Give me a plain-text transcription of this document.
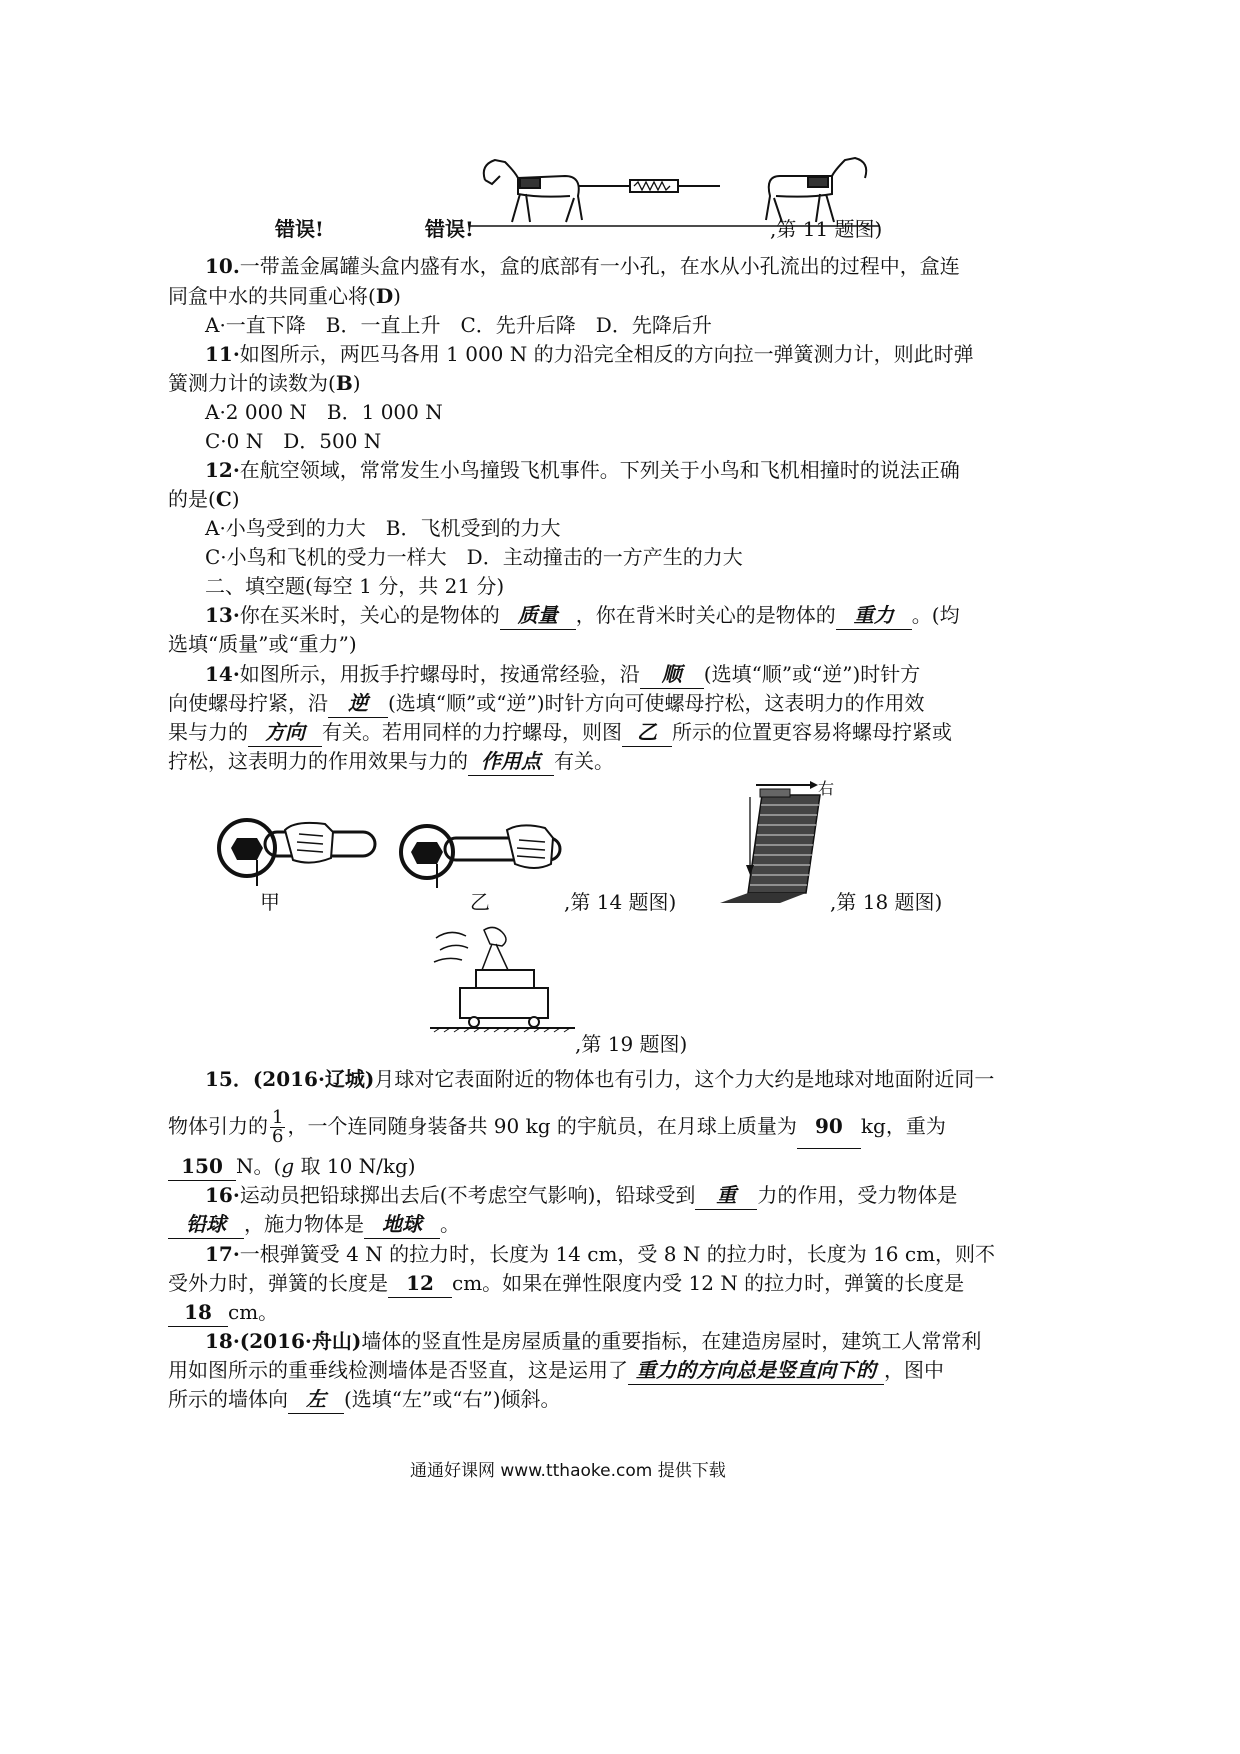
错误!	错误!	,第 11 题图)
10.一带盖金属罐头盒内盛有水，盒的底部有一小孔，在水从小孔流出的过程中，盒连
同盒中水的共同重心将(D)
A·一直下降　B．一直上升　C．先升后降　D．先降后升
11·如图所示，两匹马各用 1 000 N 的力沿完全相反的方向拉一弹簧测力计，则此时弹
簧测力计的读数为(B)
A·2 000 N　B．1 000 N
C·0 N　D．500 N
12·在航空领域，常常发生小鸟撞毁飞机事件。下列关于小鸟和飞机相撞时的说法正确
的是(C)
A·小鸟受到的力大　B．飞机受到的力大
C·小鸟和飞机的受力一样大　D．主动撞击的一方产生的力大
二、填空题(每空 1 分，共 21 分)
13·你在买米时，关心的是物体的 质量 ，你在背米时关心的是物体的 重力 。(均
选填“质量”或“重力”)
14·如图所示，用扳手拧螺母时，按通常经验，沿 顺 (选填“顺”或“逆”)时针方
向使螺母拧紧，沿 逆 (选填“顺”或“逆”)时针方向可使螺母拧松，这表明力的作用效
果与力的 方向 有关。若用同样的力拧螺母，则图 乙 所示的位置更容易将螺母拧紧或
拧松，这表明力的作用效果与力的 作用点 有关。
甲	乙	,第 14 题图)
右
,第 18 题图)
,第 19 题图)
15．(2016·辽城)月球对它表面附近的物体也有引力，这个力大约是地球对地面附近同一
物体引力的 $\frac{1}{6}$ ，一个连同随身装备共 90 kg 的宇航员，在月球上质量为 90 kg，重为
150 N。(g 取 10 N/kg)
16·运动员把铅球掷出去后(不考虑空气影响)，铅球受到 重 力的作用，受力物体是
铅球 ，施力物体是 地球 。
17·一根弹簧受 4 N 的拉力时，长度为 14 cm，受 8 N 的拉力时，长度为 16 cm，则不
受外力时，弹簧的长度是 12 cm。如果在弹性限度内受 12 N 的拉力时，弹簧的长度是
18 cm。
18·(2016·舟山)墙体的竖直性是房屋质量的重要指标，在建造房屋时，建筑工人常常利
用如图所示的重垂线检测墙体是否竖直，这是运用了 重力的方向总是竖直向下的 ，图中
所示的墙体向 左 (选填“左”或“右”)倾斜。
通通好课网 www.tthaoke.com 提供下载
